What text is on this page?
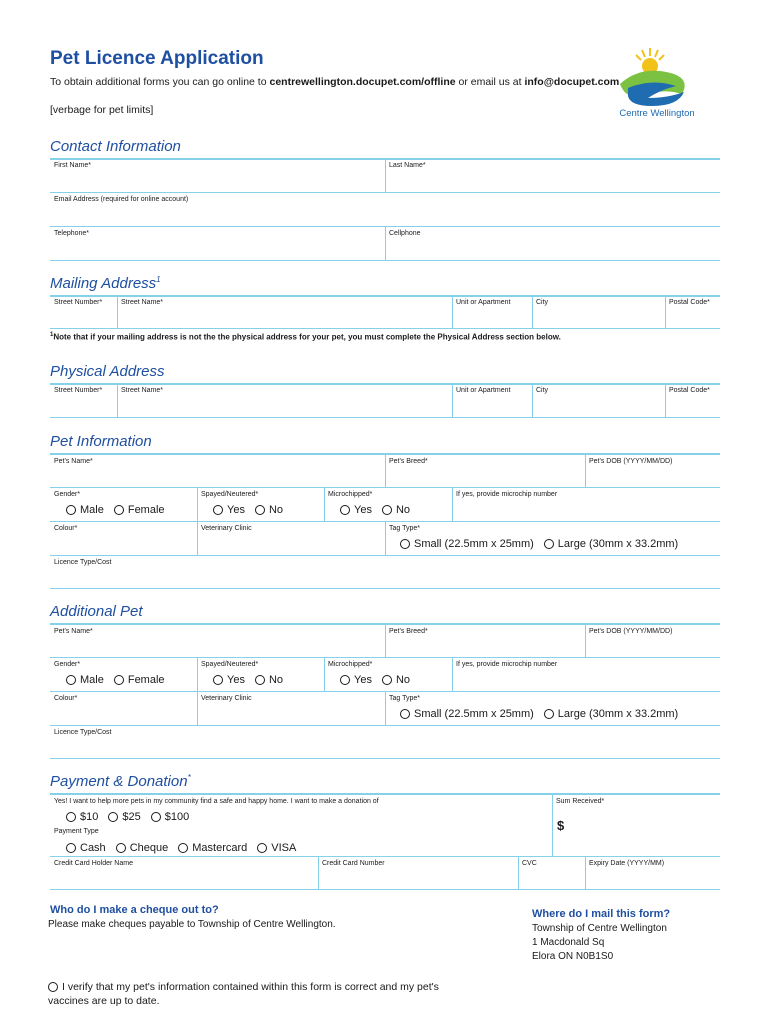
Pet Licence Application
To obtain additional forms you can go online to centrewellington.docupet.com/offline or email us at info@docupet.com
[verbage for pet limits]	Centre Wellington
Contact Information
First Name*	Last Name*
Email Address (required for online account)
Telephone*	Cellphone
Mailing Address$^1$
Street Number*	Street Name*	Unit or Apartment	City	Postal Code*
$^1$Note that if your mailing address is not the the physical address for your pet, you must complete the Physical Address section below.
Physical Address
Street Number*	Street Name*	Unit or Apartment	City	Postal Code*
Pet Information
Pet's Name*	Pet's Breed*	Pet's DOB (YYYY/MM/DD)
Gender*	Spayed/Neutered*	Microchipped*	If yes, provide microchip number
Male Female	Yes No	Yes No
Colour*	Veterinary Clinic	Tag Type*
Small (22.5mm x 25mm) Large (30mm x 33.2mm)
Licence Type/Cost
Additional Pet
Pet's Name*	Pet's Breed*	Pet's DOB (YYYY/MM/DD)
Gender*	Spayed/Neutered*	Microchipped*	If yes, provide microchip number
Male Female	Yes No	Yes No
Colour*	Veterinary Clinic	Tag Type*
Small (22.5mm x 25mm) Large (30mm x 33.2mm)
Licence Type/Cost
Payment & Donation*
Yes! I want to help more pets in my community find a safe and happy home. I want to make a donation of	Sum Received*
$
$10 $25 $100
Payment Type
Cash Cheque Mastercard VISA
Credit Card Holder Name	Credit Card Number	CVC	Expiry Date (YYYY/MM)
Who do I make a cheque out to?
Please make cheques payable to Township of Centre Wellington.
Where do I mail this form?
Township of Centre Wellington
1 Macdonald Sq
Elora ON N0B1S0
I verify that my pet's information contained within this form is correct and my pet's
vaccines are up to date.
